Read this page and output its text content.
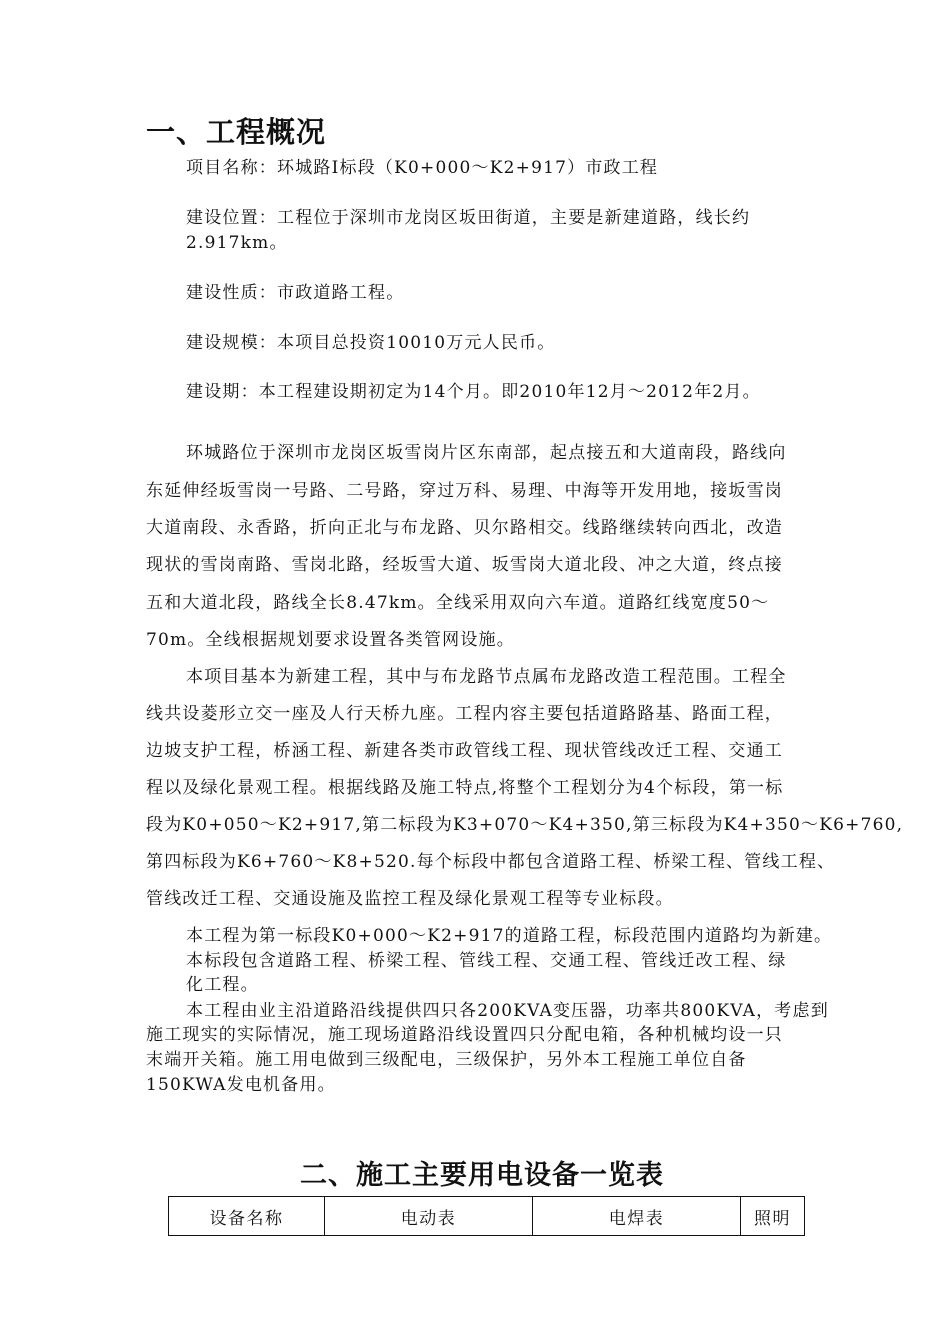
一、工程概况
项目名称：环城路Ⅰ标段（K0+000～K2+917）市政工程
建设位置：工程位于深圳市龙岗区坂田街道，主要是新建道路，线长约
2.917km。
建设性质：市政道路工程。
建设规模：本项目总投资10010万元人民币。
建设期：本工程建设期初定为14个月。即2010年12月～2012年2月。
环城路位于深圳市龙岗区坂雪岗片区东南部，起点接五和大道南段，路线向
东延伸经坂雪岗一号路、二号路，穿过万科、易理、中海等开发用地，接坂雪岗
大道南段、永香路，折向正北与布龙路、贝尔路相交。线路继续转向西北，改造
现状的雪岗南路、雪岗北路，经坂雪大道、坂雪岗大道北段、冲之大道，终点接
五和大道北段，路线全长8.47km。全线采用双向六车道。道路红线宽度50～
70m。全线根据规划要求设置各类管网设施。
本项目基本为新建工程，其中与布龙路节点属布龙路改造工程范围。工程全
线共设菱形立交一座及人行天桥九座。工程内容主要包括道路路基、路面工程，
边坡支护工程，桥涵工程、新建各类市政管线工程、现状管线改迁工程、交通工
程以及绿化景观工程。根据线路及施工特点,将整个工程划分为4个标段，第一标
段为K0+050～K2+917,第二标段为K3+070～K4+350,第三标段为K4+350～K6+760,
第四标段为K6+760～K8+520.每个标段中都包含道路工程、桥梁工程、管线工程、
管线改迁工程、交通设施及监控工程及绿化景观工程等专业标段。
本工程为第一标段K0+000～K2+917的道路工程，标段范围内道路均为新建。
本标段包含道路工程、桥梁工程、管线工程、交通工程、管线迁改工程、绿
化工程。
本工程由业主沿道路沿线提供四只各200KVA变压器，功率共800KVA，考虑到
施工现实的实际情况，施工现场道路沿线设置四只分配电箱，各种机械均设一只
末端开关箱。施工用电做到三级配电，三级保护，另外本工程施工单位自备
150KWA发电机备用。
二、施工主要用电设备一览表
设备名称	电动表	电焊表	照明
